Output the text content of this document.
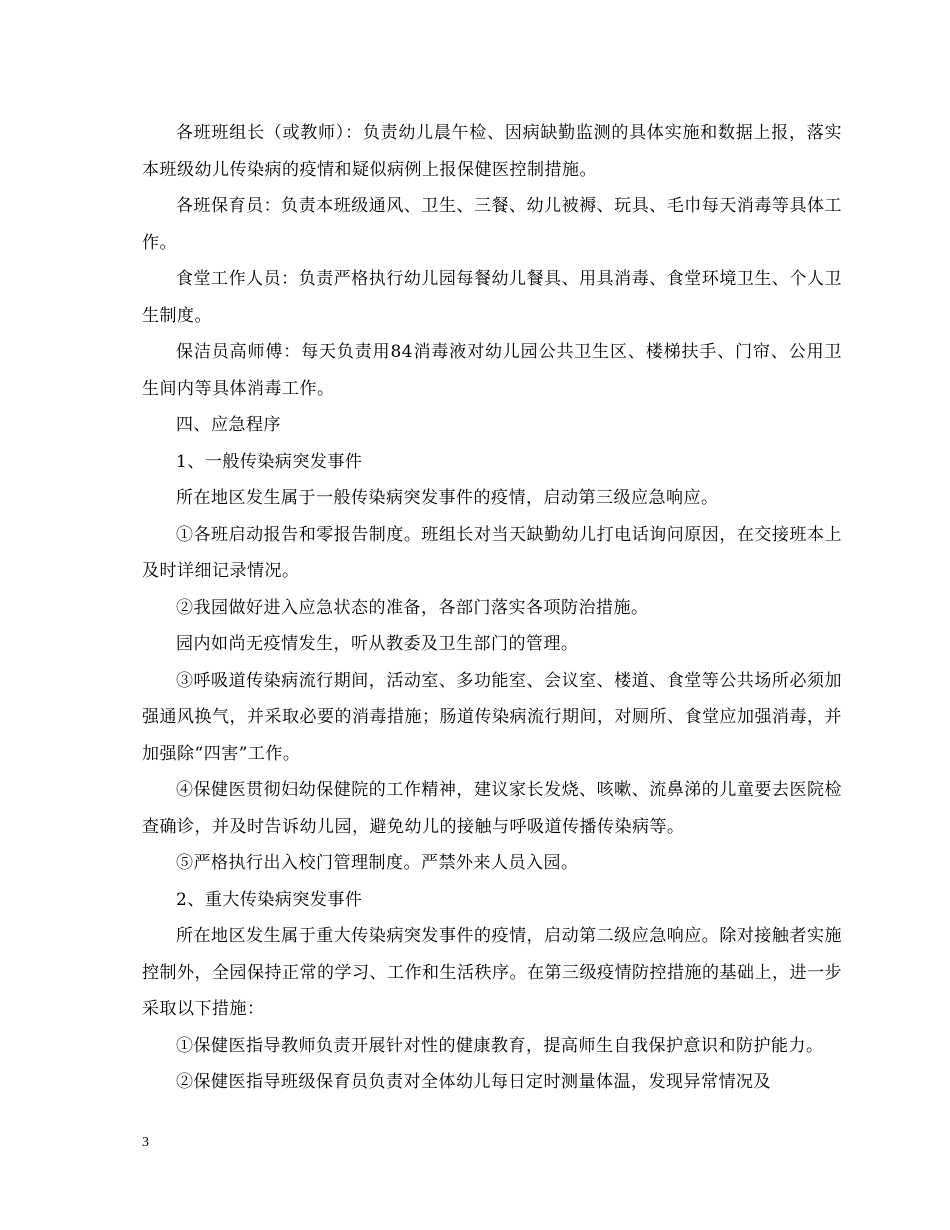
各班班组长（或教师）：负责幼儿晨午检、因病缺勤监测的具体实施和数据上报，落实本班级幼儿传染病的疫情和疑似病例上报保健医控制措施。

各班保育员：负责本班级通风、卫生、三餐、幼儿被褥、玩具、毛巾每天消毒等具体工作。

食堂工作人员：负责严格执行幼儿园每餐幼儿餐具、用具消毒、食堂环境卫生、个人卫生制度。

保洁员高师傅：每天负责用84消毒液对幼儿园公共卫生区、楼梯扶手、门帘、公用卫生间内等具体消毒工作。

四、应急程序

1、一般传染病突发事件

所在地区发生属于一般传染病突发事件的疫情，启动第三级应急响应。

①各班启动报告和零报告制度。班组长对当天缺勤幼儿打电话询问原因，在交接班本上及时详细记录情况。

②我园做好进入应急状态的准备，各部门落实各项防治措施。

园内如尚无疫情发生，听从教委及卫生部门的管理。

③呼吸道传染病流行期间，活动室、多功能室、会议室、楼道、食堂等公共场所必须加强通风换气，并采取必要的消毒措施；肠道传染病流行期间，对厕所、食堂应加强消毒，并加强除“四害”工作。

④保健医贯彻妇幼保健院的工作精神，建议家长发烧、咳嗽、流鼻涕的儿童要去医院检查确诊，并及时告诉幼儿园，避免幼儿的接触与呼吸道传播传染病等。

⑤严格执行出入校门管理制度。严禁外来人员入园。

2、重大传染病突发事件

所在地区发生属于重大传染病突发事件的疫情，启动第二级应急响应。除对接触者实施控制外，全园保持正常的学习、工作和生活秩序。在第三级疫情防控措施的基础上，进一步采取以下措施：

①保健医指导教师负责开展针对性的健康教育，提高师生自我保护意识和防护能力。

②保健医指导班级保育员负责对全体幼儿每日定时测量体温，发现异常情况及

3
